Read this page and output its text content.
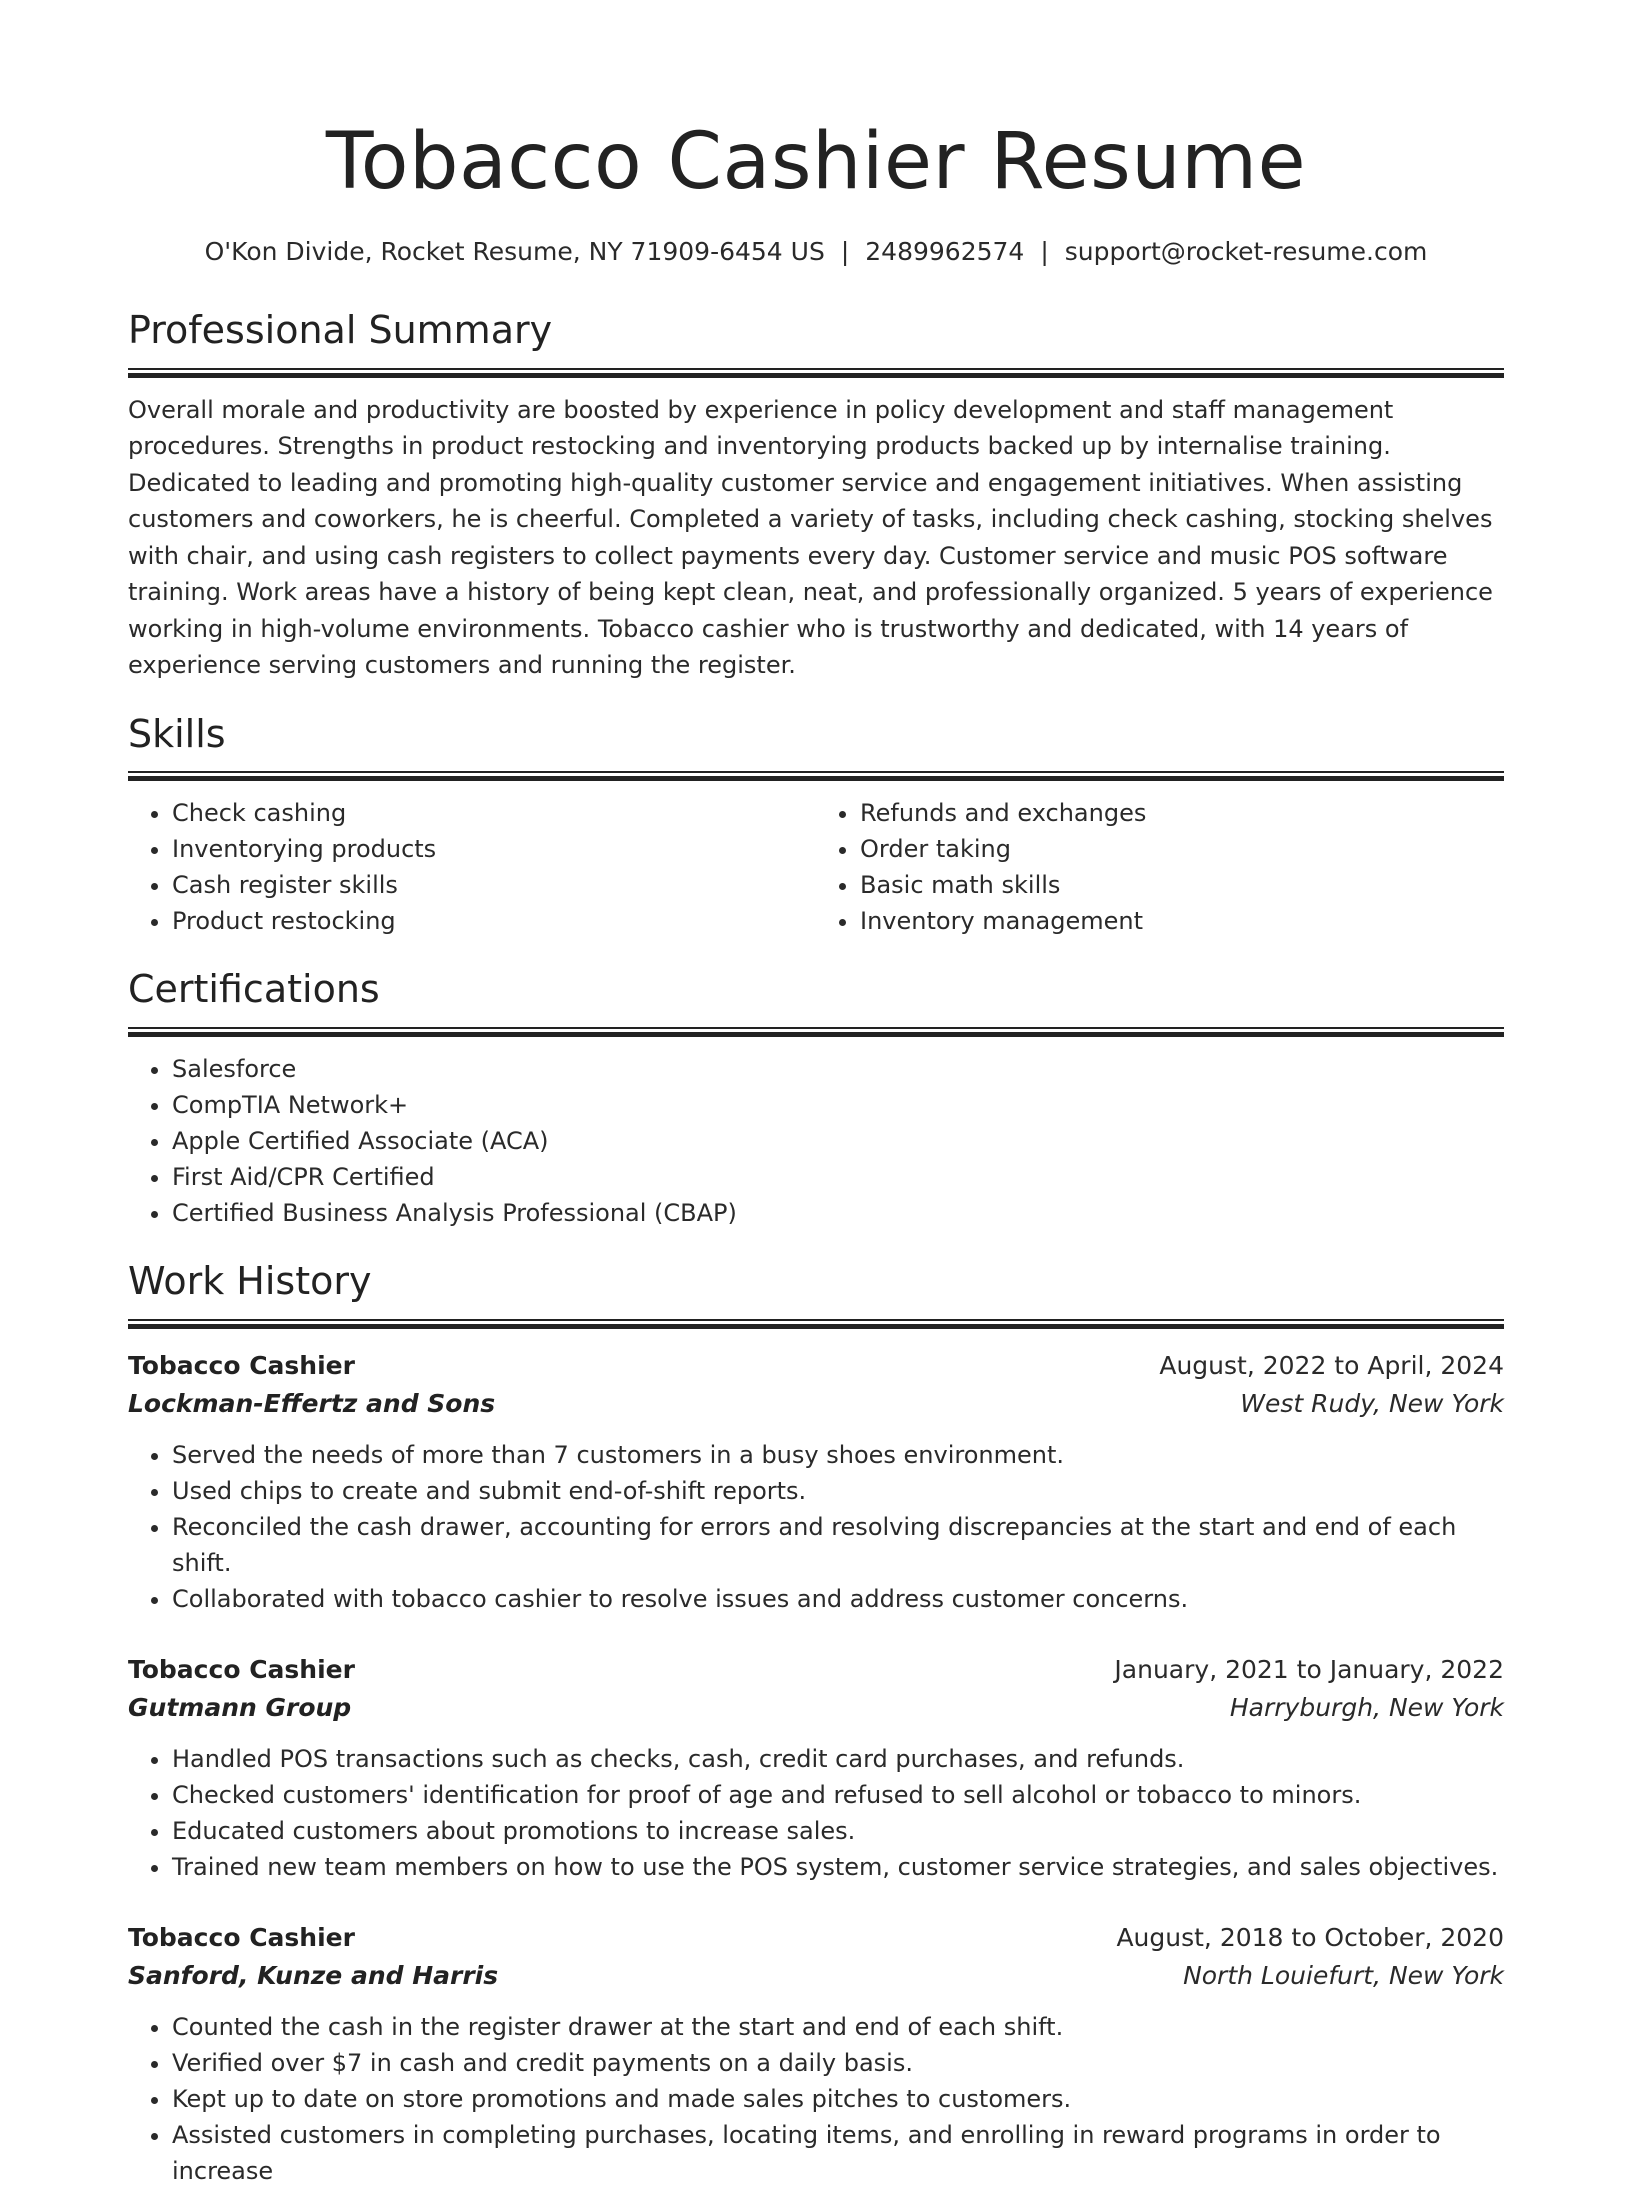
Tobacco Cashier Resume
O'Kon Divide, Rocket Resume, NY 71909-6454 US | 2489962574 | support@rocket-resume.com
Professional Summary

Overall morale and productivity are boosted by experience in policy development and staff management procedures. Strengths in product restocking and inventorying products backed up by internalise training. Dedicated to leading and promoting high-quality customer service and engagement initiatives. When assisting customers and coworkers, he is cheerful. Completed a variety of tasks, including check cashing, stocking shelves with chair, and using cash registers to collect payments every day. Customer service and music POS software training. Work areas have a history of being kept clean, neat, and professionally organized. 5 years of experience working in high-volume environments. Tobacco cashier who is trustworthy and dedicated, with 14 years of experience serving customers and running the register.

Skills
• Check cashing
• Inventorying products
• Cash register skills
• Product restocking
• Refunds and exchanges
• Order taking
• Basic math skills
• Inventory management
Certifications
• Salesforce
• CompTIA Network+
• Apple Certified Associate (ACA)
• First Aid/CPR Certified
• Certified Business Analysis Professional (CBAP)
Work History
Tobacco Cashier	August, 2022 to April, 2024
Lockman-Effertz and Sons	West Rudy, New York
• Served the needs of more than 7 customers in a busy shoes environment.
• Used chips to create and submit end-of-shift reports.
• Reconciled the cash drawer, accounting for errors and resolving discrepancies at the start and end of each shift.
• Collaborated with tobacco cashier to resolve issues and address customer concerns.
Tobacco Cashier	January, 2021 to January, 2022
Gutmann Group	Harryburgh, New York
• Handled POS transactions such as checks, cash, credit card purchases, and refunds.
• Checked customers' identification for proof of age and refused to sell alcohol or tobacco to minors.
• Educated customers about promotions to increase sales.
• Trained new team members on how to use the POS system, customer service strategies, and sales objectives.
Tobacco Cashier	August, 2018 to October, 2020
Sanford, Kunze and Harris	North Louiefurt, New York
• Counted the cash in the register drawer at the start and end of each shift.
• Verified over $7 in cash and credit payments on a daily basis.
• Kept up to date on store promotions and made sales pitches to customers.
• Assisted customers in completing purchases, locating items, and enrolling in reward programs in order to increase
